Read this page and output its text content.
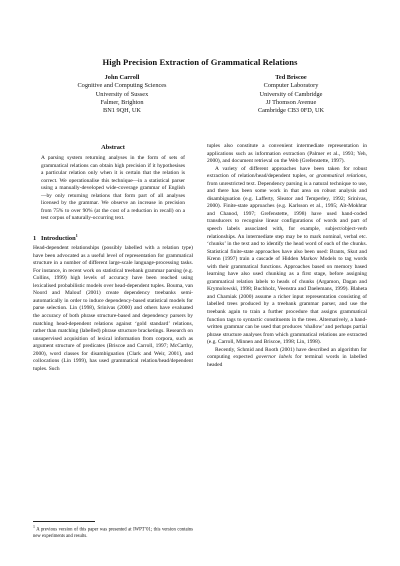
High Precision Extraction of Grammatical Relations
John Carroll
Cognitive and Computing Sciences
University of Sussex
Falmer, Brighton
BN1 9QH, UK
Ted Briscoe
Computer Laboratory
University of Cambridge
JJ Thomson Avenue
Cambridge CB3 0FD, UK
Abstract

A parsing system returning analyses in the form of sets of grammatical relations can obtain high precision if it hypothesises a particular relation only when it is certain that the relation is correct. We operationalise this technique—in a statistical parser using a manually-developed wide-coverage grammar of English—by only returning relations that form part of all analyses licensed by the grammar. We observe an increase in precision from 75% to over 90% (at the cost of a reduction in recall) on a test corpus of naturally-occurring text.

1 Introduction$^1$

Head-dependent relationships (possibly labelled with a relation type) have been advocated as a useful level of representation for grammatical structure in a number of different large-scale language-processing tasks. For instance, in recent work on statistical treebank grammar parsing (e.g. Collins, 1999) high levels of accuracy have been reached using lexicalised probabilistic models over head-dependent tuples. Bouma, van Noord and Malouf (2001) create dependency treebanks semi-automatically in order to induce dependency-based statistical models for parse selection. Lin (1998), Srinivas (2000) and others have evaluated the accuracy of both phrase structure-based and dependency parsers by matching head-dependent relations against ‘gold standard’ relations, rather than matching (labelled) phrase structure bracketings. Research on unsupervised acquisition of lexical information from corpora, such as argument structure of predicates (Briscoe and Carroll, 1997; McCarthy, 2000), word classes for disambiguation (Clark and Weir, 2001), and collocations (Lin 1999), has used grammatical relation/head/dependent tuples. Such

$^1$ A previous version of this paper was presented at IWPT’01; this version contains new experiments and results.

tuples also constitute a convenient intermediate representation in applications such as information extraction (Palmer et al., 1993; Yeh, 2000), and document retrieval on the Web (Grefenstette, 1997).

A variety of different approaches have been taken for robust extraction of relation/head/dependent tuples, or grammatical relations, from unrestricted text. Dependency parsing is a natural technique to use, and there has been some work in that area on robust analysis and disambiguation (e.g. Lafferty, Sleator and Temperley, 1992; Srinivas, 2000). Finite-state approaches (e.g. Karlsson et al., 1995; Aït-Mokhtar and Chanod, 1997; Grefenstette, 1998) have used hand-coded transducers to recognise linear configurations of words and part of speech labels associated with, for example, subject/object-verb relationships. An intermediate step may be to mark nominal, verbal etc. ‘chunks’ in the text and to identify the head word of each of the chunks. Statistical finite-state approaches have also been used: Brants, Skut and Krenn (1997) train a cascade of Hidden Markov Models to tag words with their grammatical functions. Approaches based on memory based learning have also used chunking as a first stage, before assigning grammatical relation labels to heads of chunks (Argamon, Dagan and Krymolowski, 1998; Buchholz, Veenstra and Daelemans, 1999). Blaheta and Charniak (2000) assume a richer input representation consisting of labelled trees produced by a treebank grammar parser, and use the treebank again to train a further procedure that assigns grammatical function tags to syntactic constituents in the trees. Alternatively, a hand-written grammar can be used that produces ‘shallow’ and perhaps partial phrase structure analyses from which grammatical relations are extracted (e.g. Carroll, Minnen and Briscoe, 1998; Lin, 1998).

Recently, Schmid and Rooth (2001) have described an algorithm for computing expected governor labels for terminal words in labelled headed
